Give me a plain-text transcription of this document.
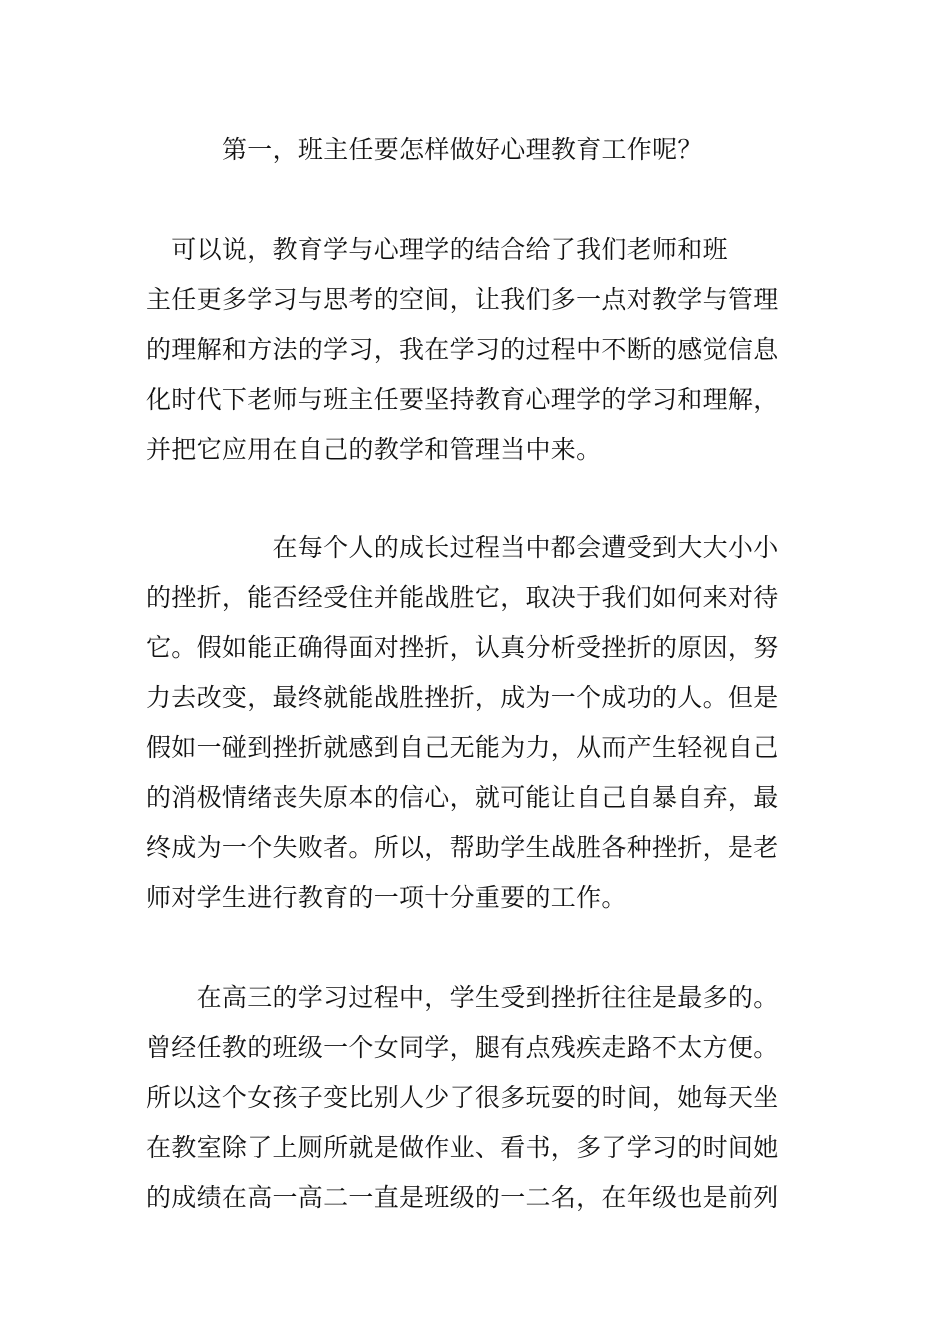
第一，班主任要怎样做好心理教育工作呢？
　可以说，教育学与心理学的结合给了我们老师和班
主任更多学习与思考的空间，让我们多一点对教学与管理
的理解和方法的学习，我在学习的过程中不断的感觉信息
化时代下老师与班主任要坚持教育心理学的学习和理解，
并把它应用在自己的教学和管理当中来。
　　　　　在每个人的成长过程当中都会遭受到大大小小
的挫折，能否经受住并能战胜它，取决于我们如何来对待
它。假如能正确得面对挫折，认真分析受挫折的原因，努
力去改变，最终就能战胜挫折，成为一个成功的人。但是
假如一碰到挫折就感到自己无能为力，从而产生轻视自己
的消极情绪丧失原本的信心，就可能让自己自暴自弃，最
终成为一个失败者。所以，帮助学生战胜各种挫折，是老
师对学生进行教育的一项十分重要的工作。
　　在高三的学习过程中，学生受到挫折往往是最多的。
曾经任教的班级一个女同学，腿有点残疾走路不太方便。
所以这个女孩子变比别人少了很多玩耍的时间，她每天坐
在教室除了上厕所就是做作业、看书，多了学习的时间她
的成绩在高一高二一直是班级的一二名，在年级也是前列
